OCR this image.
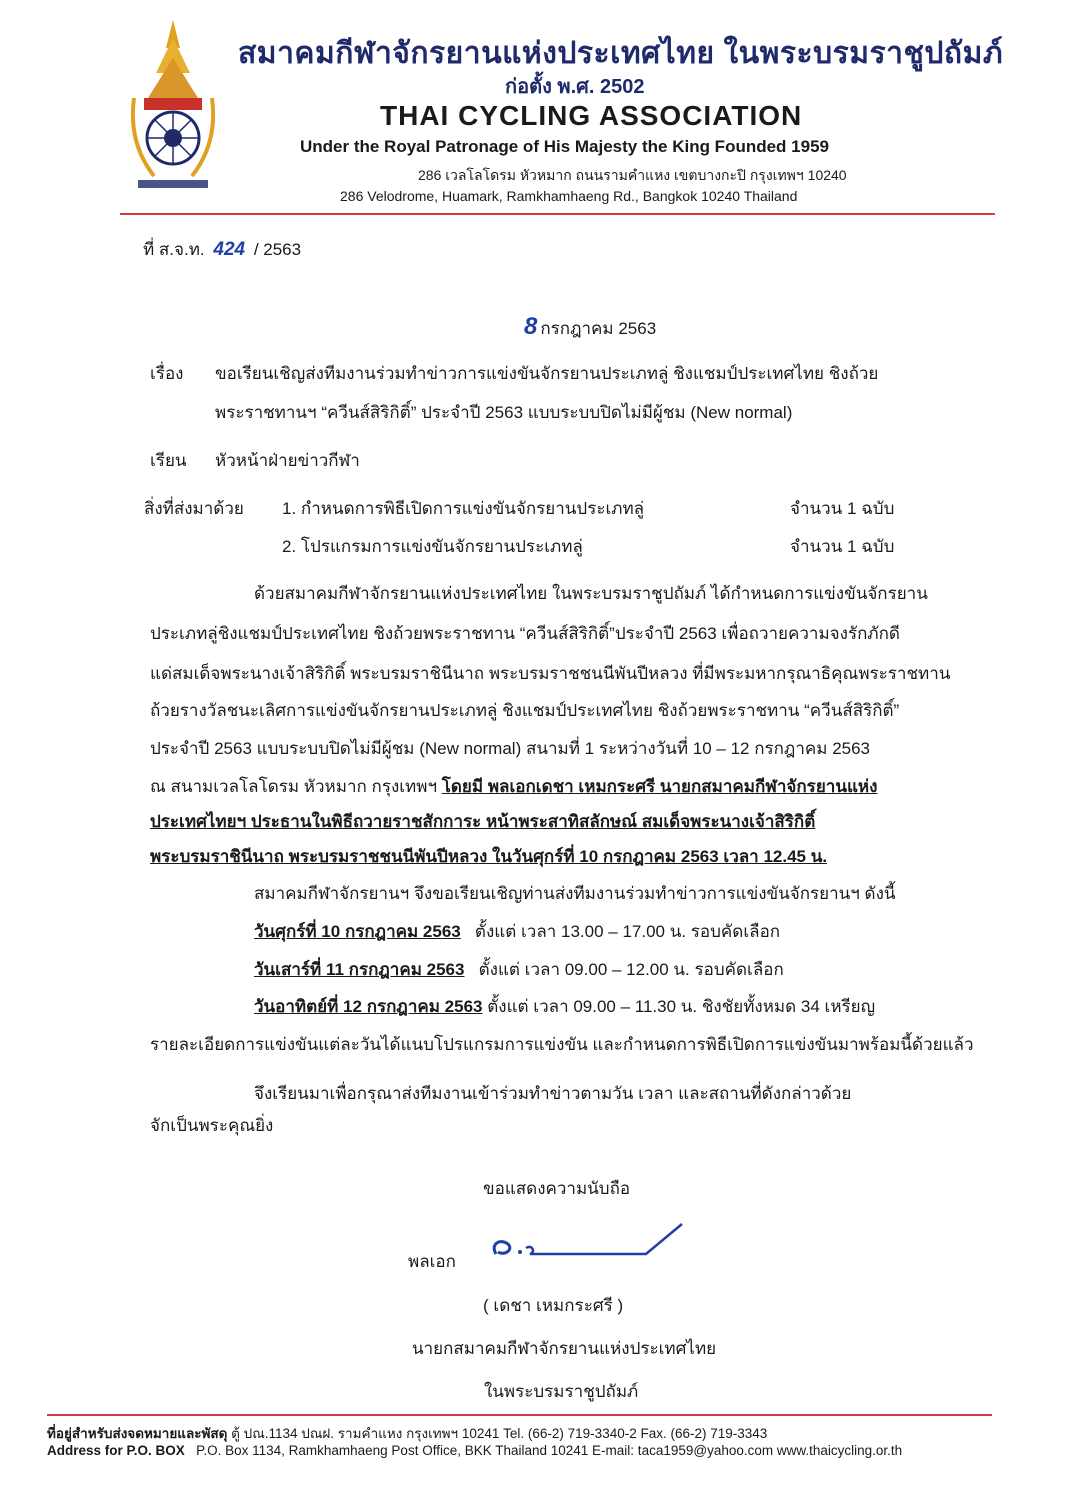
สมาคมกีฬาจักรยานแห่งประเทศไทย ในพระบรมราชูปถัมภ์
ก่อตั้ง พ.ศ. 2502
THAI CYCLING ASSOCIATION
Under the Royal Patronage of His Majesty the King Founded 1959
286 เวลโลโดรม หัวหมาก ถนนรามคำแหง เขตบางกะปิ กรุงเทพฯ 10240
286 Velodrome, Huamark, Ramkhamhaeng Rd., Bangkok 10240 Thailand
ที่ ส.จ.ท. 424 / 2563
8 กรกฎาคม 2563
เรื่อง ขอเรียนเชิญส่งทีมงานร่วมทำข่าวการแข่งขันจักรยานประเภทลู่ ชิงแชมป์ประเทศไทย ชิงถ้วย
พระราชทานฯ “ควีนส์สิริกิติ์” ประจำปี 2563 แบบระบบปิดไม่มีผู้ชม (New normal)
เรียน หัวหน้าฝ่ายข่าวกีฬา
สิ่งที่ส่งมาด้วย 1. กำหนดการพิธีเปิดการแข่งขันจักรยานประเภทลู่	จำนวน 1 ฉบับ
2. โปรแกรมการแข่งขันจักรยานประเภทลู่	จำนวน 1 ฉบับ
ด้วยสมาคมกีฬาจักรยานแห่งประเทศไทย ในพระบรมราชูปถัมภ์ ได้กำหนดการแข่งขันจักรยาน
ประเภทลู่ชิงแชมป์ประเทศไทย ชิงถ้วยพระราชทาน “ควีนส์สิริกิติ์”ประจำปี 2563 เพื่อถวายความจงรักภักดี
แด่สมเด็จพระนางเจ้าสิริกิติ์ พระบรมราชินีนาถ พระบรมราชชนนีพันปีหลวง ที่มีพระมหากรุณาธิคุณพระราชทาน
ถ้วยรางวัลชนะเลิศการแข่งขันจักรยานประเภทลู่ ชิงแชมป์ประเทศไทย ชิงถ้วยพระราชทาน “ควีนส์สิริกิติ์”
ประจำปี 2563 แบบระบบปิดไม่มีผู้ชม (New normal) สนามที่ 1 ระหว่างวันที่ 10 – 12 กรกฎาคม 2563
ณ สนามเวลโลโดรม หัวหมาก กรุงเทพฯ โดยมี พลเอกเดชา เหมกระศรี นายกสมาคมกีฬาจักรยานแห่ง
ประเทศไทยฯ ประธานในพิธีถวายราชสักการะ หน้าพระสาทิสลักษณ์ สมเด็จพระนางเจ้าสิริกิติ์
พระบรมราชินีนาถ พระบรมราชชนนีพันปีหลวง ในวันศุกร์ที่ 10 กรกฎาคม 2563 เวลา 12.45 น.
สมาคมกีฬาจักรยานฯ จึงขอเรียนเชิญท่านส่งทีมงานร่วมทำข่าวการแข่งขันจักรยานฯ ดังนี้
วันศุกร์ที่ 10 กรกฎาคม 2563 ตั้งแต่ เวลา 13.00 – 17.00 น. รอบคัดเลือก
วันเสาร์ที่ 11 กรกฎาคม 2563 ตั้งแต่ เวลา 09.00 – 12.00 น. รอบคัดเลือก
วันอาทิตย์ที่ 12 กรกฎาคม 2563 ตั้งแต่ เวลา 09.00 – 11.30 น. ชิงชัยทั้งหมด 34 เหรียญ
รายละเอียดการแข่งขันแต่ละวันได้แนบโปรแกรมการแข่งขัน และกำหนดการพิธีเปิดการแข่งขันมาพร้อมนี้ด้วยแล้ว
จึงเรียนมาเพื่อกรุณาส่งทีมงานเข้าร่วมทำข่าวตามวัน เวลา และสถานที่ดังกล่าวด้วย
จักเป็นพระคุณยิ่ง
ขอแสดงความนับถือ
พลเอก
( เดชา เหมกระศรี )
นายกสมาคมกีฬาจักรยานแห่งประเทศไทย
ในพระบรมราชูปถัมภ์
ที่อยู่สำหรับส่งจดหมายและพัสดุ ตู้ ปณ.1134 ปณฝ. รามคำแหง กรุงเทพฯ 10241 Tel. (66-2) 719-3340-2 Fax. (66-2) 719-3343
Address for P.O. BOX P.O. Box 1134, Ramkhamhaeng Post Office, BKK Thailand 10241 E-mail: taca1959@yahoo.com www.thaicycling.or.th
